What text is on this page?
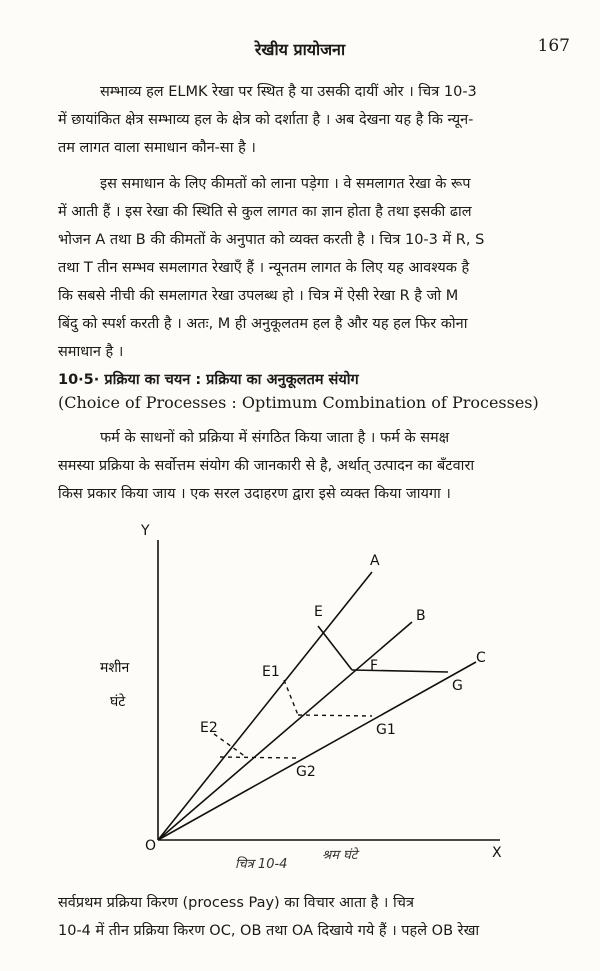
रेखीय प्रायोजना	167

सम्भाव्य हल ELMK रेखा पर स्थित है या उसकी दायीं ओर । चित्र 10-3

में छायांकित क्षेत्र सम्भाव्य हल के क्षेत्र को दर्शाता है । अब देखना यह है कि न्यून-

तम लागत वाला समाधान कौन-सा है ।

इस समाधान के लिए कीमतों को लाना पड़ेगा । वे समलागत रेखा के रूप

में आती हैं । इस रेखा की स्थिति से कुल लागत का ज्ञान होता है तथा इसकी ढाल

भोजन A तथा B की कीमतों के अनुपात को व्यक्त करती है । चित्र 10-3 में R, S

तथा T तीन सम्भव समलागत रेखाएँ हैं । न्यूनतम लागत के लिए यह आवश्यक है

कि सबसे नीची की समलागत रेखा उपलब्ध हो । चित्र में ऐसी रेखा R है जो M

बिंदु को स्पर्श करती है । अतः, M ही अनुकूलतम हल है और यह हल फिर कोना

समाधान है ।

10·5· प्रक्रिया का चयन : प्रक्रिया का अनुकूलतम संयोग
(Choice of Processes : Optimum Combination of Processes)

फर्म के साधनों को प्रक्रिया में संगठित किया जाता है । फर्म के समक्ष

समस्या प्रक्रिया के सर्वोत्तम संयोग की जानकारी से है, अर्थात् उत्पादन का बँटवारा

किस प्रकार किया जाय । एक सरल उदाहरण द्वारा इसे व्यक्त किया जायगा ।

Y
X
O
मशीन
घंटे
A
B
C
E
F
G
E1
G1
E2
G2
चित्र 10-4
श्रम घंटे

सर्वप्रथम प्रक्रिया किरण (process Pay) का विचार आता है । चित्र

10-4 में तीन प्रक्रिया किरण OC, OB तथा OA दिखाये गये हैं । पहले OB रेखा
